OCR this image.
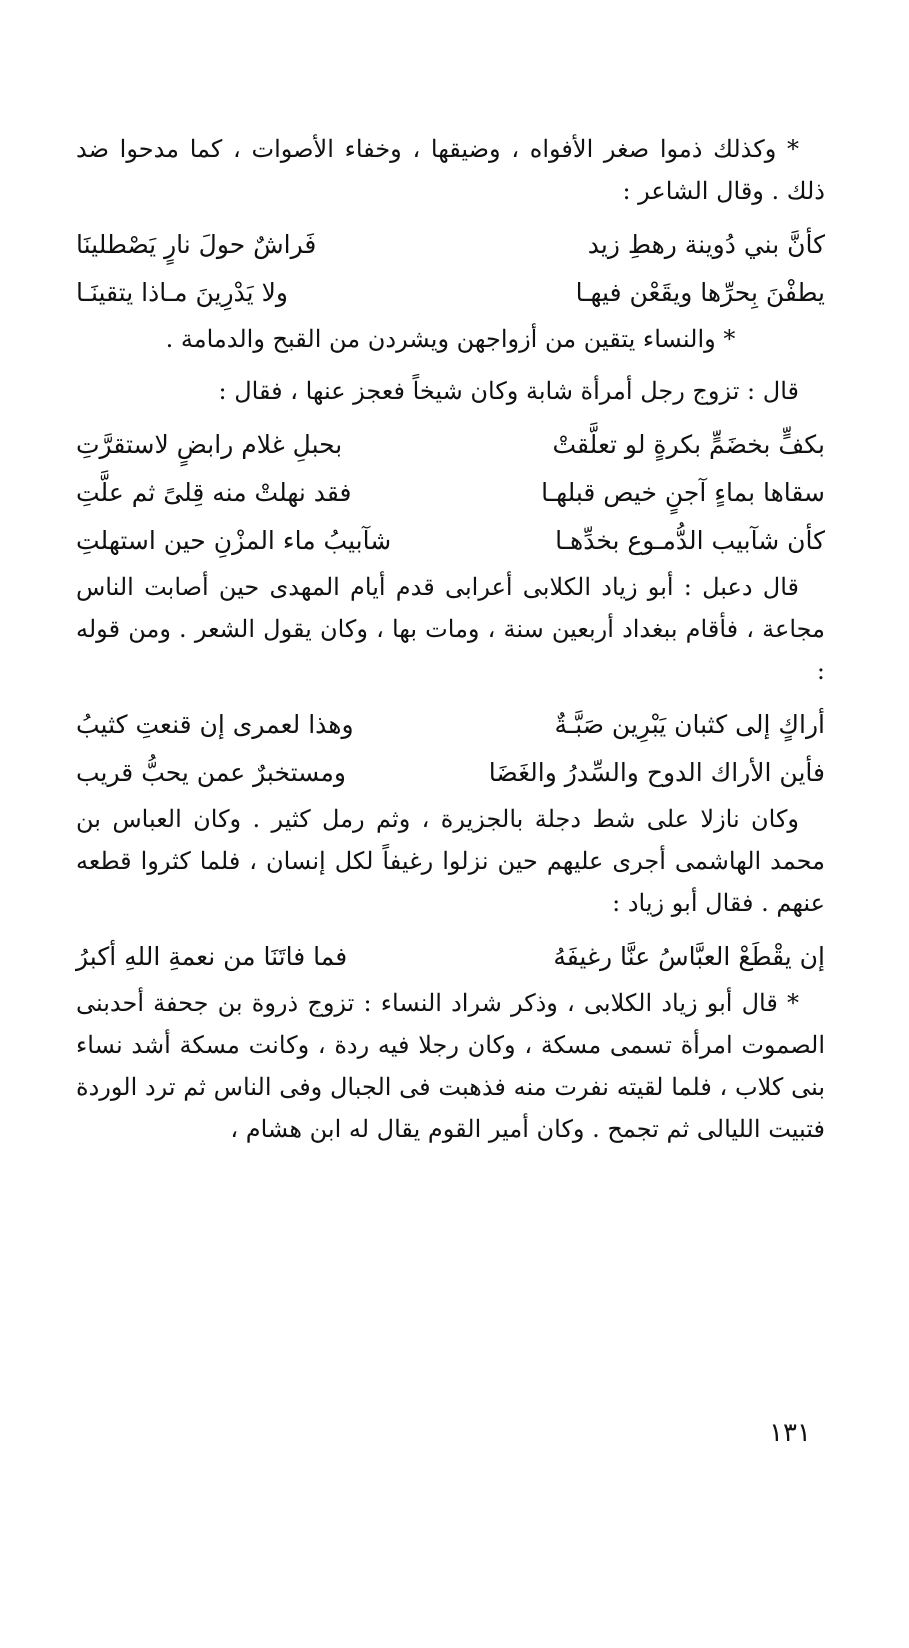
* وكذلك ذموا صغر الأفواه ، وضيقها ، وخفاء الأصوات ، كما مدحوا ضد ذلك . وقال الشاعر :

كأنَّ بني دُوينة رهطِ زيد
فَراشٌ حولَ نارٍ يَصْطلينَا
يطفْنَ بِحرِّها ويقَعْن فيهـا
ولا يَدْرِينَ مـاذا يتقينَـا

* والنساء يتقين من أزواجهن ويشردن من القبح والدمامة .

قال : تزوج رجل أمرأة شابة وكان شيخاً فعجز عنها ، فقال :

بكفٍّ بخضَمٍّ بكرةٍ لو تعلَّقتْ
بحبلِ غلام رابضٍ لاستقرَّتِ
سقاها بماءٍ آجنٍ خيص قبلهـا
فقد نهلتْ منه قِلىً ثم علَّتِ
كأن شآبيب الدُّمـوع بخدِّهـا
شآبيبُ ماء المزْنِ حين استهلتِ

قال دعبل : أبو زياد الكلابى أعرابى قدم أيام المهدى حين أصابت الناس مجاعة ، فأقام ببغداد أربعين سنة ، ومات بها ، وكان يقول الشعر . ومن قوله :

أراكٍ إلى كثبان يَبْرِين صَبَّـةٌ
وهذا لعمرى إن قنعتِ كثيبُ
فأين الأراك الدوح والسِّدرُ والغَضَا
ومستخبرٌ عمن يحبُّ قريب

وكان نازلا على شط دجلة بالجزيرة ، وثم رمل كثير . وكان العباس بن محمد الهاشمى أجرى عليهم حين نزلوا رغيفاً لكل إنسان ، فلما كثروا قطعه عنهم . فقال أبو زياد :

إن يقْطَعْ العبَّاسُ عنَّا رغيفَهُ
فما فاتَنَا من نعمةِ اللهِ أكبرُ

* قال أبو زياد الكلابى ، وذكر شراد النساء : تزوج ذروة بن جحفة أحدبنى الصموت امرأة تسمى مسكة ، وكان رجلا فيه ردة ، وكانت مسكة أشد نساء بنى كلاب ، فلما لقيته نفرت منه فذهبت فى الجبال وفى الناس ثم ترد الوردة فتبيت الليالى ثم تجمح . وكان أمير القوم يقال له ابن هشام ،

١٣١
